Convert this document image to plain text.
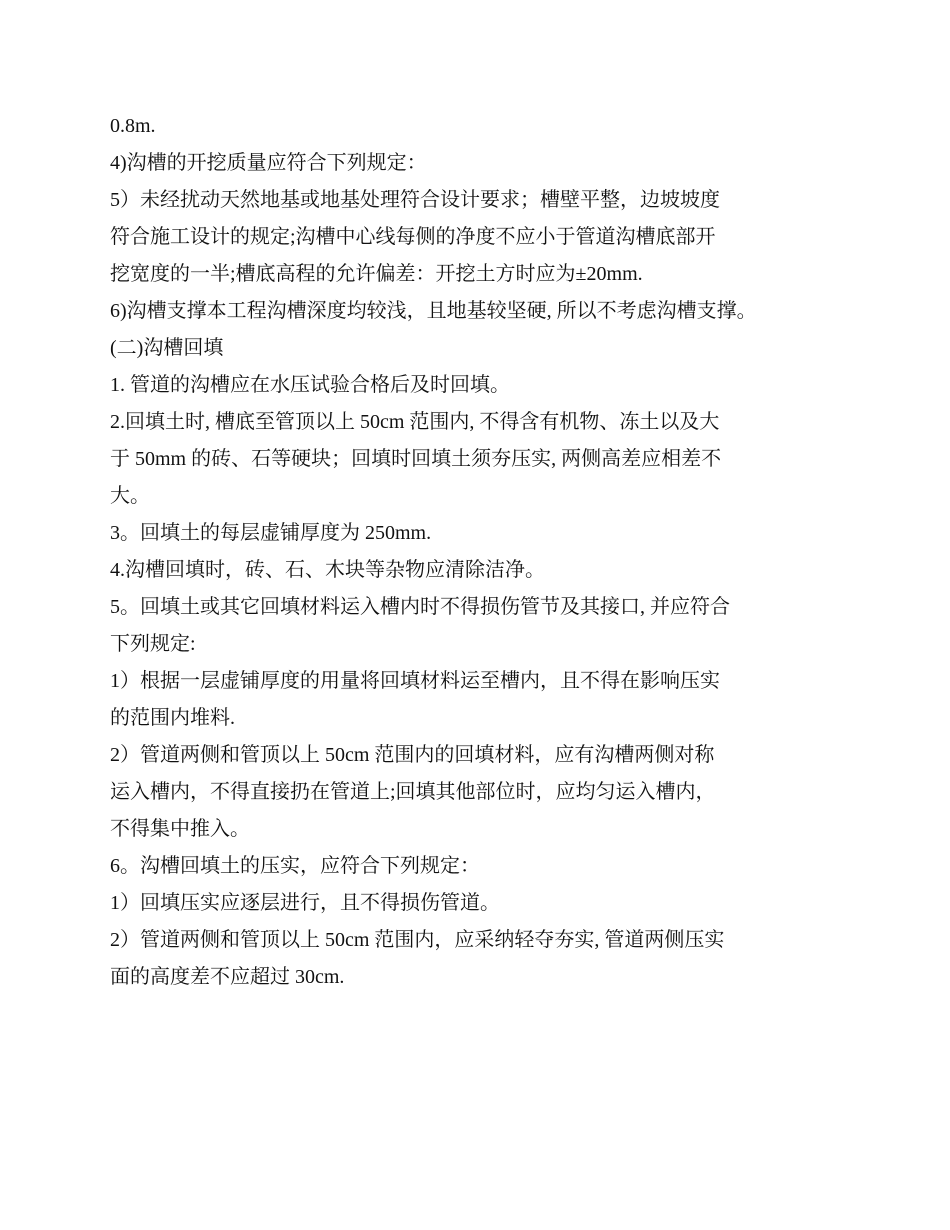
0.8m.
4)沟槽的开挖质量应符合下列规定：
5）未经扰动天然地基或地基处理符合设计要求；槽壁平整，边坡坡度
符合施工设计的规定;沟槽中心线每侧的净度不应小于管道沟槽底部开
挖宽度的一半;槽底高程的允许偏差：开挖土方时应为±20mm.
6)沟槽支撑本工程沟槽深度均较浅，且地基较坚硬, 所以不考虑沟槽支撑。
(二)沟槽回填
1. 管道的沟槽应在水压试验合格后及时回填。
2.回填土时, 槽底至管顶以上 50cm 范围内, 不得含有机物、冻土以及大
于 50mm 的砖、石等硬块；回填时回填土须夯压实, 两侧高差应相差不
大。
3。回填土的每层虚铺厚度为 250mm.
4.沟槽回填时，砖、石、木块等杂物应清除洁净。
5。回填土或其它回填材料运入槽内时不得损伤管节及其接口, 并应符合
下列规定:
1）根据一层虚铺厚度的用量将回填材料运至槽内，且不得在影响压实
的范围内堆料.
2）管道两侧和管顶以上 50cm 范围内的回填材料，应有沟槽两侧对称
运入槽内，不得直接扔在管道上;回填其他部位时，应均匀运入槽内，
不得集中推入。
6。沟槽回填土的压实，应符合下列规定：
1）回填压实应逐层进行，且不得损伤管道。
2）管道两侧和管顶以上 50cm 范围内，应采纳轻夺夯实, 管道两侧压实
面的高度差不应超过 30cm.
